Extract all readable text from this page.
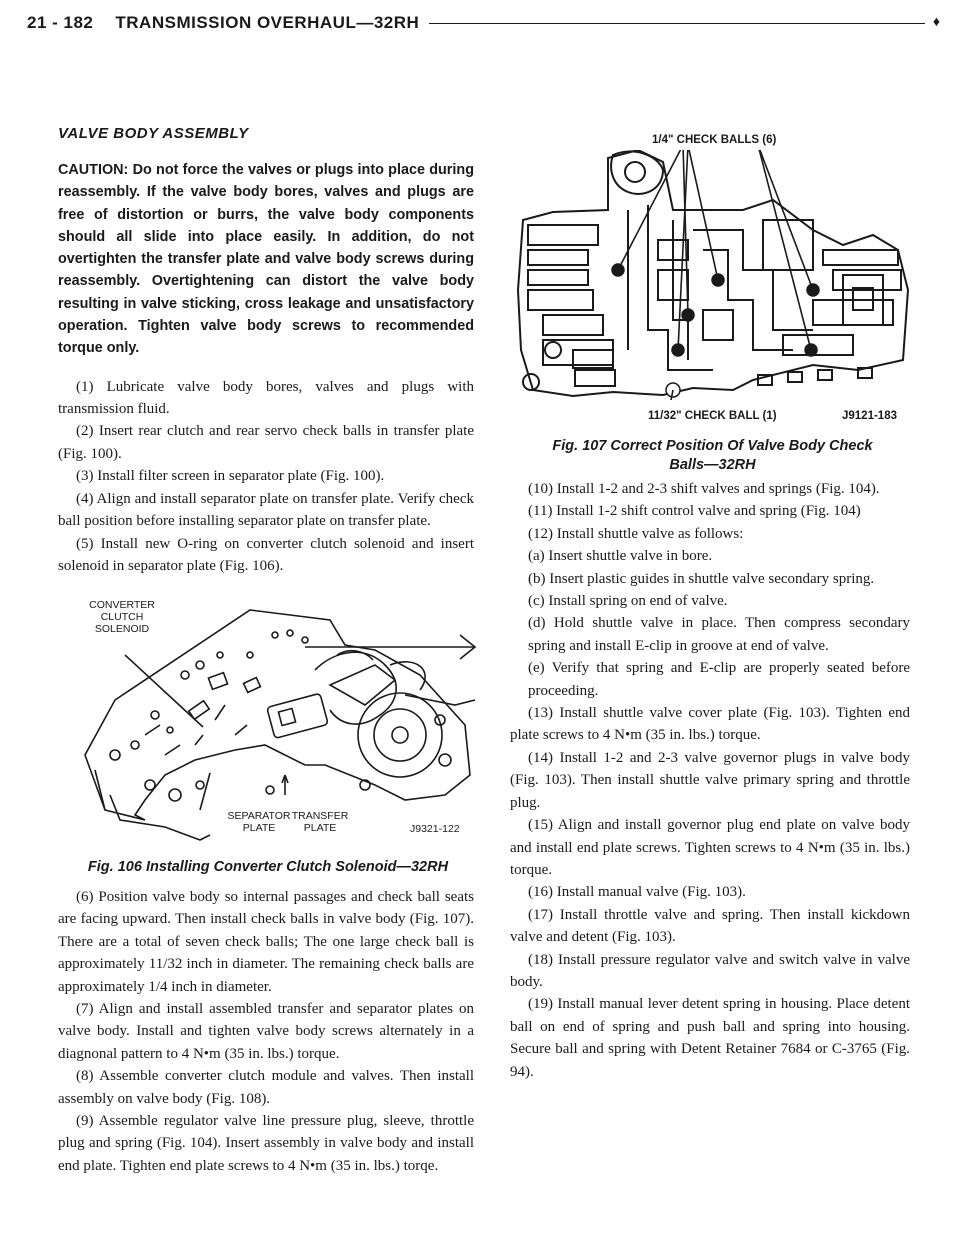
21 - 182 TRANSMISSION OVERHAUL—32RH	♦
VALVE BODY ASSEMBLY
CAUTION: Do not force the valves or plugs into place during reassembly. If the valve body bores, valves and plugs are free of distortion or burrs, the valve body components should all slide into place easily. In addition, do not overtighten the transfer plate and valve body screws during reassembly. Overtightening can distort the valve body resulting in valve sticking, cross leakage and unsatisfactory operation. Tighten valve body screws to recommended torque only.
(1) Lubricate valve body bores, valves and plugs with transmission fluid.
(2) Insert rear clutch and rear servo check balls in transfer plate (Fig. 100).
(3) Install filter screen in separator plate (Fig. 100).
(4) Align and install separator plate on transfer plate. Verify check ball position before installing separator plate on transfer plate.
(5) Install new O-ring on converter clutch solenoid and insert solenoid in separator plate (Fig. 106).
CONVERTER
CLUTCH
SOLENOID
SEPARATOR
PLATE
TRANSFER
PLATE	J9321-122
Fig. 106 Installing Converter Clutch Solenoid—32RH
(6) Position valve body so internal passages and check ball seats are facing upward. Then install check balls in valve body (Fig. 107). There are a total of seven check balls; The one large check ball is approximately 11/32 inch in diameter. The remaining check balls are approximately 1/4 inch in diameter.
(7) Align and install assembled transfer and separator plates on valve body. Install and tighten valve body screws alternately in a diagnonal pattern to 4 N•m (35 in. lbs.) torque.
(8) Assemble converter clutch module and valves. Then install assembly on valve body (Fig. 108).
(9) Assemble regulator valve line pressure plug, sleeve, throttle plug and spring (Fig. 104). Insert assembly in valve body and install end plate. Tighten end plate screws to 4 N•m (35 in. lbs.) torqe.
1/4" CHECK BALLS (6)
11/32" CHECK BALL (1)	J9121-183
Fig. 107 Correct Position Of Valve Body Check
Balls—32RH
(10) Install 1-2 and 2-3 shift valves and springs (Fig. 104).
(11) Install 1-2 shift control valve and spring (Fig. 104)
(12) Install shuttle valve as follows:
(a) Insert shuttle valve in bore.
(b) Insert plastic guides in shuttle valve secondary spring.
(c) Install spring on end of valve.
(d) Hold shuttle valve in place. Then compress secondary spring and install E-clip in groove at end of valve.
(e) Verify that spring and E-clip are properly seated before proceeding.
(13) Install shuttle valve cover plate (Fig. 103). Tighten end plate screws to 4 N•m (35 in. lbs.) torque.
(14) Install 1-2 and 2-3 valve governor plugs in valve body (Fig. 103). Then install shuttle valve primary spring and throttle plug.
(15) Align and install governor plug end plate on valve body and install end plate screws. Tighten screws to 4 N•m (35 in. lbs.) torque.
(16) Install manual valve (Fig. 103).
(17) Install throttle valve and spring. Then install kickdown valve and detent (Fig. 103).
(18) Install pressure regulator valve and switch valve in valve body.
(19) Install manual lever detent spring in housing. Place detent ball on end of spring and push ball and spring into housing. Secure ball and spring with Detent Retainer 7684 or C-3765 (Fig. 94).
